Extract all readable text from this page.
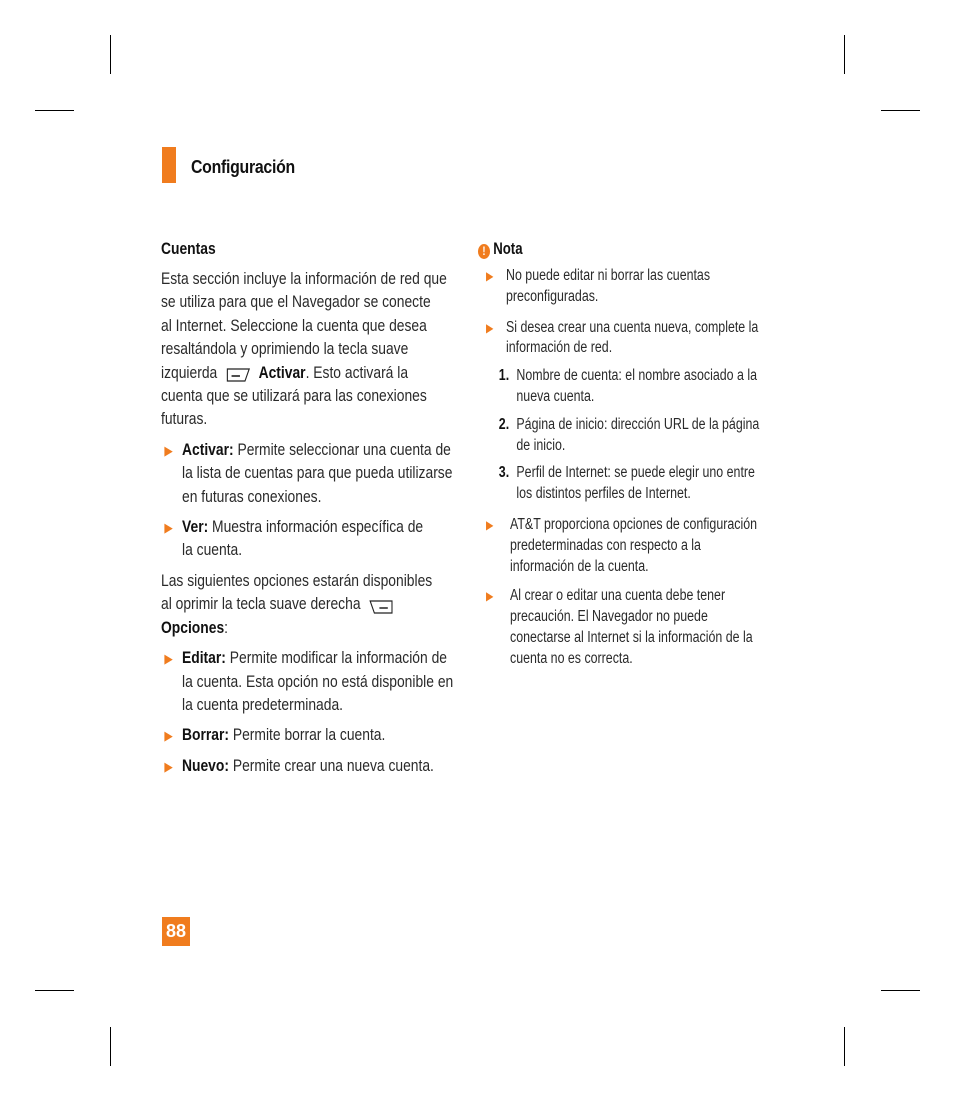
Configuración
Cuentas
Esta sección incluye la información de red que
se utiliza para que el Navegador se conecte
al Internet. Seleccione la cuenta que desea
resaltándola y oprimiendo la tecla suave
izquierda	Activar. Esto activará la
cuenta que se utilizará para las conexiones
futuras.
▶ Activar: Permite seleccionar una cuenta de
la lista de cuentas para que pueda utilizarse
en futuras conexiones.
▶ Ver: Muestra información específica de
la cuenta.
Las siguientes opciones estarán disponibles
al oprimir la tecla suave derecha
Opciones:
▶ Editar: Permite modificar la información de
la cuenta. Esta opción no está disponible en
la cuenta predeterminada.
▶ Borrar: Permite borrar la cuenta.
▶ Nuevo: Permite crear una nueva cuenta.
! Nota
▶ No puede editar ni borrar las cuentas
preconfiguradas.
▶ Si desea crear una cuenta nueva, complete la
información de red.
1. Nombre de cuenta: el nombre asociado a la
nueva cuenta.
2. Página de inicio: dirección URL de la página
de inicio.
3. Perfil de Internet: se puede elegir uno entre
los distintos perfiles de Internet.
▶ AT&T proporciona opciones de configuración
predeterminadas con respecto a la
información de la cuenta.
▶ Al crear o editar una cuenta debe tener
precaución. El Navegador no puede
conectarse al Internet si la información de la
cuenta no es correcta.
88
